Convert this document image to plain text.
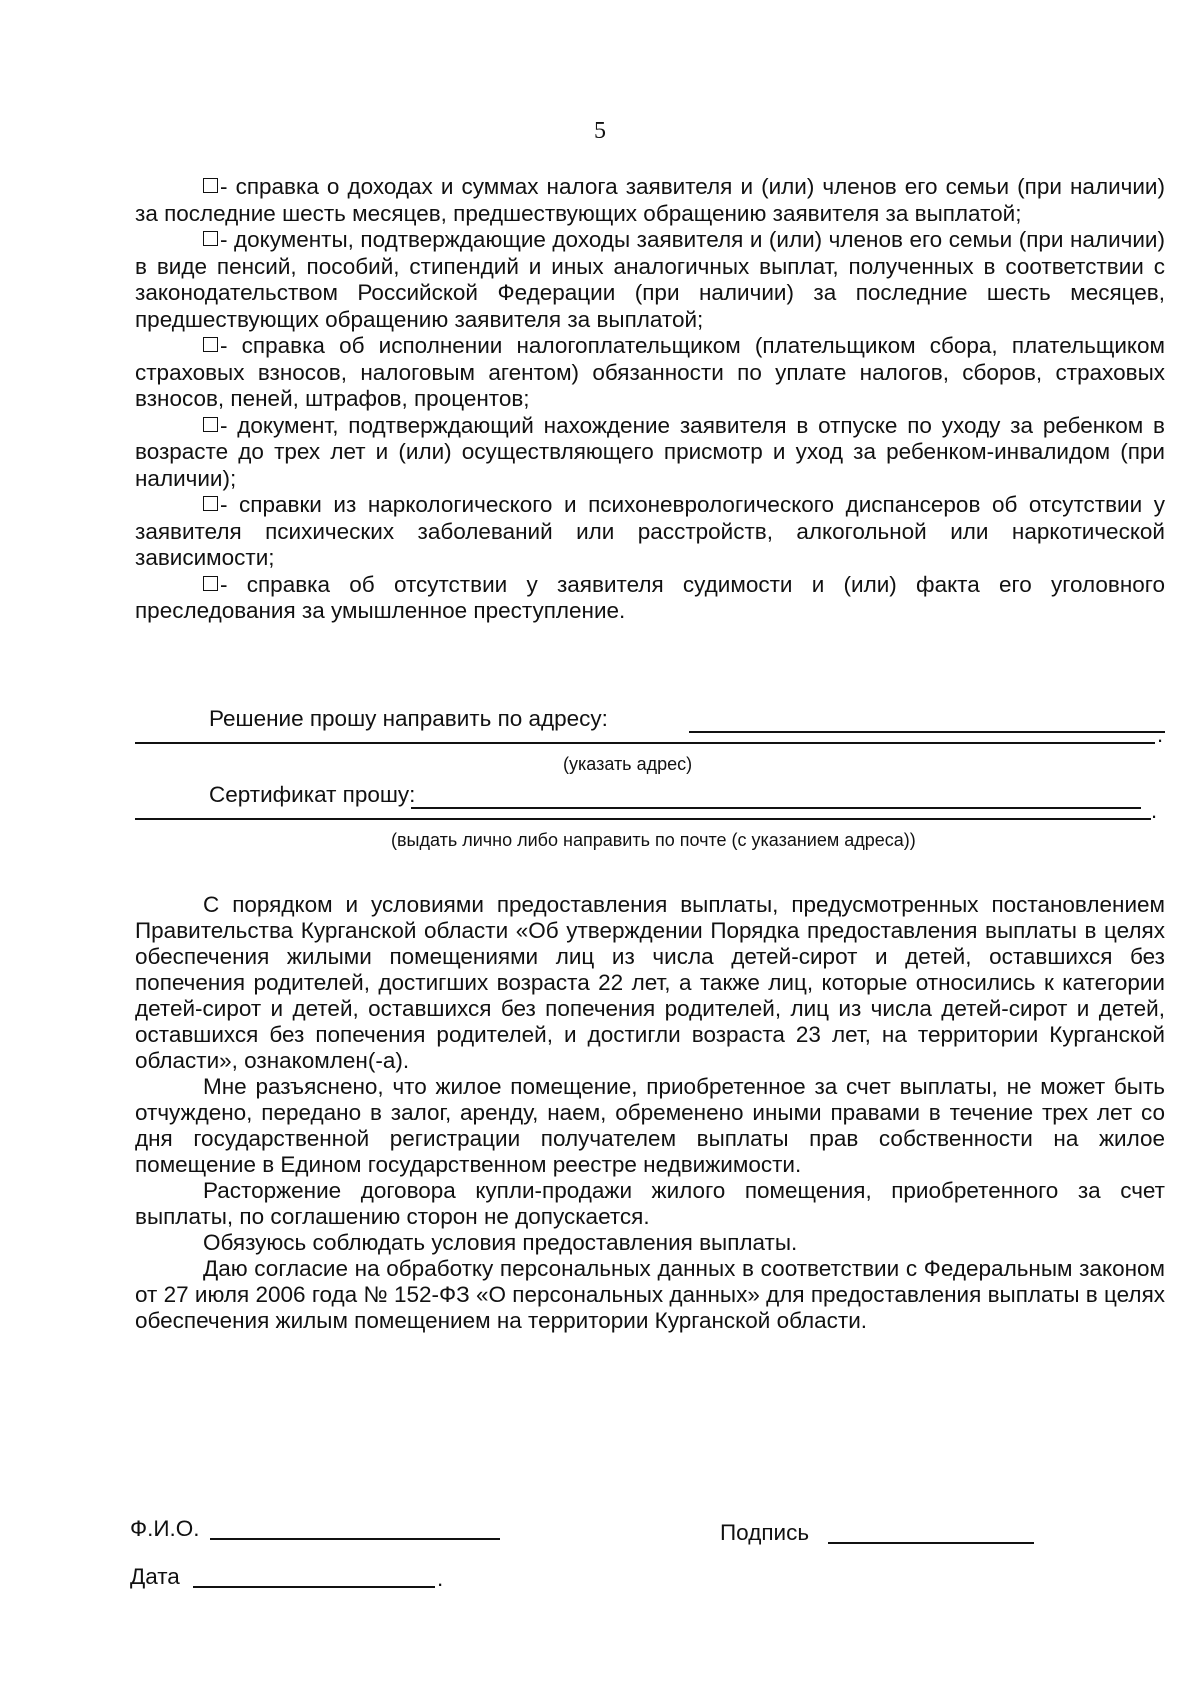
5

- справка о доходах и суммах налога заявителя и (или) членов его семьи (при наличии) за последние шесть месяцев, предшествующих обращению заявителя за выплатой;

- документы, подтверждающие доходы заявителя и (или) членов его семьи (при наличии) в виде пенсий, пособий, стипендий и иных аналогичных выплат, полученных в соответствии с законодательством Российской Федерации (при наличии) за последние шесть месяцев, предшествующих обращению заявителя за выплатой;

- справка об исполнении налогоплательщиком (плательщиком сбора, плательщиком страховых взносов, налоговым агентом) обязанности по уплате налогов, сборов, страховых взносов, пеней, штрафов, процентов;

- документ, подтверждающий нахождение заявителя в отпуске по уходу за ребенком в возрасте до трех лет и (или) осуществляющего присмотр и уход за ребенком-инвалидом (при наличии);

- справки из наркологического и психоневрологического диспансеров об отсутствии у заявителя психических заболеваний или расстройств, алкогольной или наркотической зависимости;

- справка об отсутствии у заявителя судимости и (или) факта его уголовного преследования за умышленное преступление.

Решение прошу направить по адресу:
.
(указать адрес)
Сертификат прошу:
.
(выдать лично либо направить по почте (с указанием адреса))

С порядком и условиями предоставления выплаты, предусмотренных постановлением Правительства Курганской области «Об утверждении Порядка предоставления выплаты в целях обеспечения жилыми помещениями лиц из числа детей-сирот и детей, оставшихся без попечения родителей, достигших возраста 22 лет, а также лиц, которые относились к категории детей-сирот и детей, оставшихся без попечения родителей, лиц из числа детей-сирот и детей, оставшихся без попечения родителей, и достигли возраста 23 лет, на территории Курганской области», ознакомлен(-а).

Мне разъяснено, что жилое помещение, приобретенное за счет выплаты, не может быть отчуждено, передано в залог, аренду, наем, обременено иными правами в течение трех лет со дня государственной регистрации получателем выплаты прав собственности на жилое помещение в Едином государственном реестре недвижимости.

Расторжение договора купли-продажи жилого помещения, приобретенного за счет выплаты, по соглашению сторон не допускается.

Обязуюсь соблюдать условия предоставления выплаты.

Даю согласие на обработку персональных данных в соответствии с Федеральным законом от 27 июля 2006 года № 152-ФЗ «О персональных данных» для предоставления выплаты в целях обеспечения жилым помещением на территории Курганской области.

Ф.И.О.	Подпись
Дата	.
